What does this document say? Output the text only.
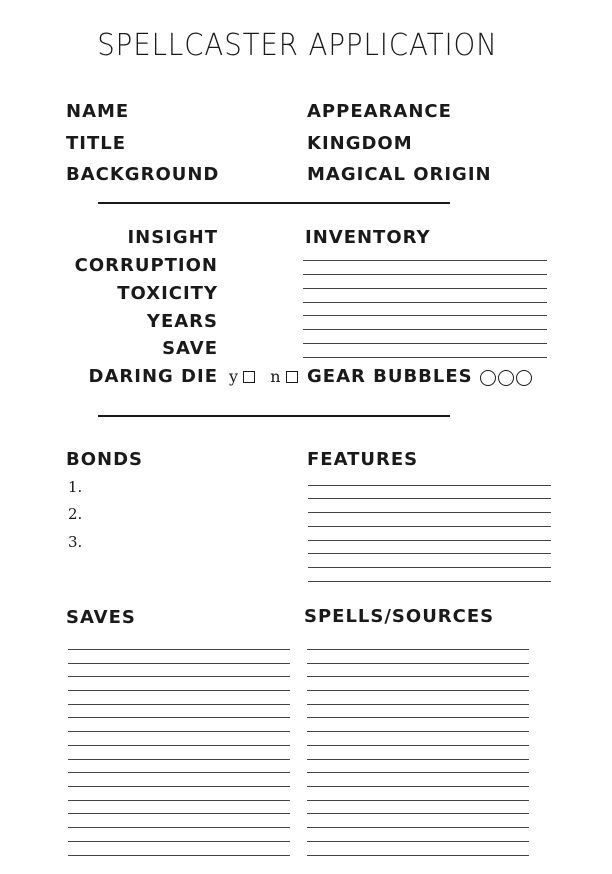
SPELLCASTER APPLICATION
NAME	APPEARANCE
TITLE	KINGDOM
BACKGROUND	MAGICAL ORIGIN
INSIGHT
CORRUPTION
TOXICITY
YEARS
SAVE
DARING DIE y n
INVENTORY
GEAR BUBBLES
BONDS
1.
2.
3.
FEATURES
SAVES	SPELLS/SOURCES
